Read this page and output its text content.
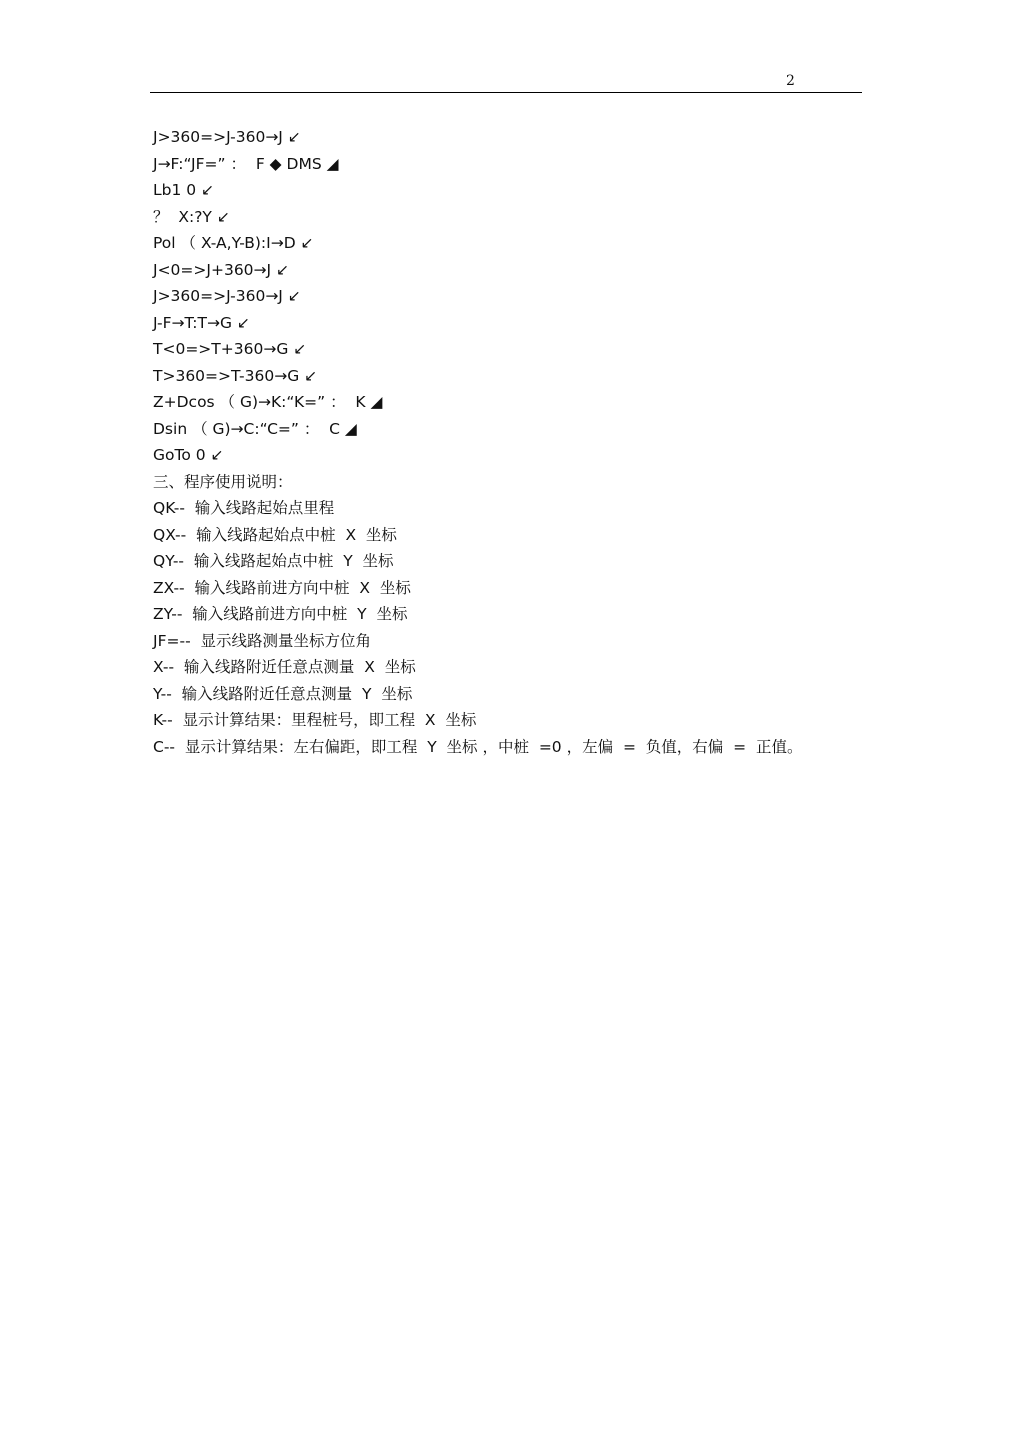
2
J>360=>J-360→J ↙
J→F:“JF=” ：  F ◆ DMS ◢
Lb1 0 ↙
？  X:?Y ↙
Pol （ X-A,Y-B):I→D ↙
J<0=>J+360→J ↙
J>360=>J-360→J ↙
J-F→T:T→G ↙
T<0=>T+360→G ↙
T>360=>T-360→G ↙
Z+Dcos （ G)→K:“K=” ：  K ◢
Dsin （ G)→C:“C=” ：  C ◢
GoTo 0 ↙
三、程序使用说明：
QK--  输入线路起始点里程
QX--  输入线路起始点中桩  X  坐标
QY--  输入线路起始点中桩  Y  坐标
ZX--  输入线路前进方向中桩  X  坐标
ZY--  输入线路前进方向中桩  Y  坐标
JF=--  显示线路测量坐标方位角
X--  输入线路附近任意点测量  X  坐标
Y--  输入线路附近任意点测量  Y  坐标
K--  显示计算结果：里程桩号，即工程  X  坐标
C--  显示计算结果：左右偏距，即工程  Y  坐标 ，中桩  =0 ，左偏  =  负值，右偏  =  正值。
